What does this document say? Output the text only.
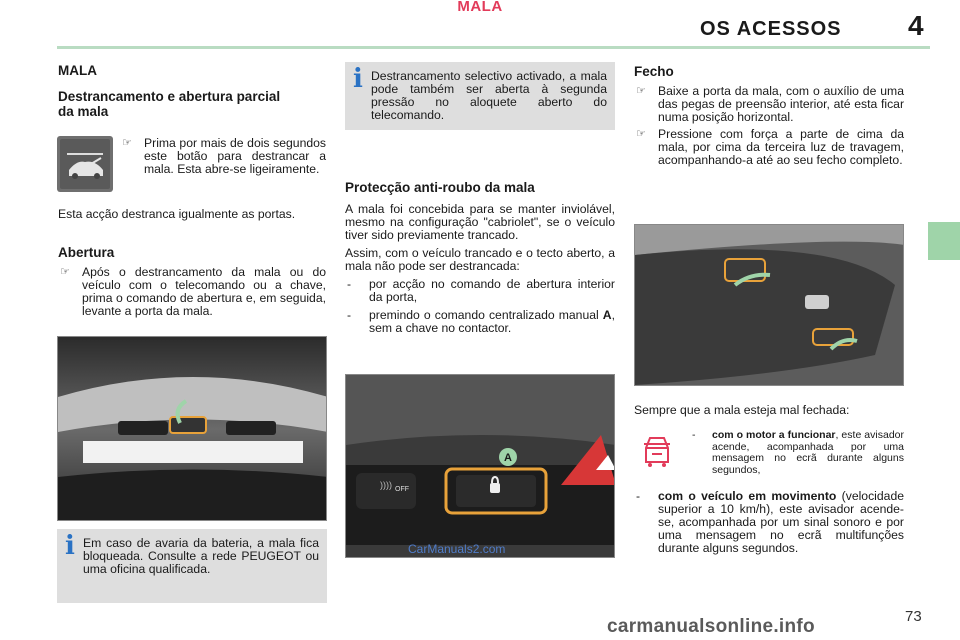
MALA
OS ACESSOS 4
MALA
Destrancamento e abertura parcial da mala
☞ Prima por mais de dois segundos este botão para destrancar a mala. Esta abre-se ligeiramente.
Esta acção destranca igualmente as portas.
Abertura
☞ Após o destrancamento da mala ou do veículo com o telecomando ou a chave, prima o comando de abertura e, em seguida, levante a porta da mala.
i Em caso de avaria da bateria, a mala fica bloqueada. Consulte a rede PEUGEOT ou uma oficina qualificada.
i Destrancamento selectivo activado, a mala pode também ser aberta à segunda pressão no aloquete aberto do telecomando.
Protecção anti-roubo da mala
A mala foi concebida para se manter inviolável, mesmo na configuração "cabriolet", se o veículo tiver sido previamente trancado.
Assim, com o veículo trancado e o tecto aberto, a mala não pode ser destrancada:
- por acção no comando de abertura interior da porta,
- premindo o comando centralizado manual A, sem a chave no contactor.
)))) OFF
A
CarManuals2.com
Fecho
☞ Baixe a porta da mala, com o auxílio de uma das pegas de preensão interior, até esta ficar numa posição horizontal.
☞ Pressione com força a parte de cima da mala, por cima da terceira luz de travagem, acompanhando-a até ao seu fecho completo.
Sempre que a mala esteja mal fechada:
- com o motor a funcionar, este avisador acende, acompanhada por uma mensagem no ecrã durante alguns segundos,
- com o veículo em movimento (velocidade superior a 10 km/h), este avisador acende-se, acompanhada por um sinal sonoro e por uma mensagem no ecrã multifunções durante alguns segundos.
73
carmanualsonline.info
